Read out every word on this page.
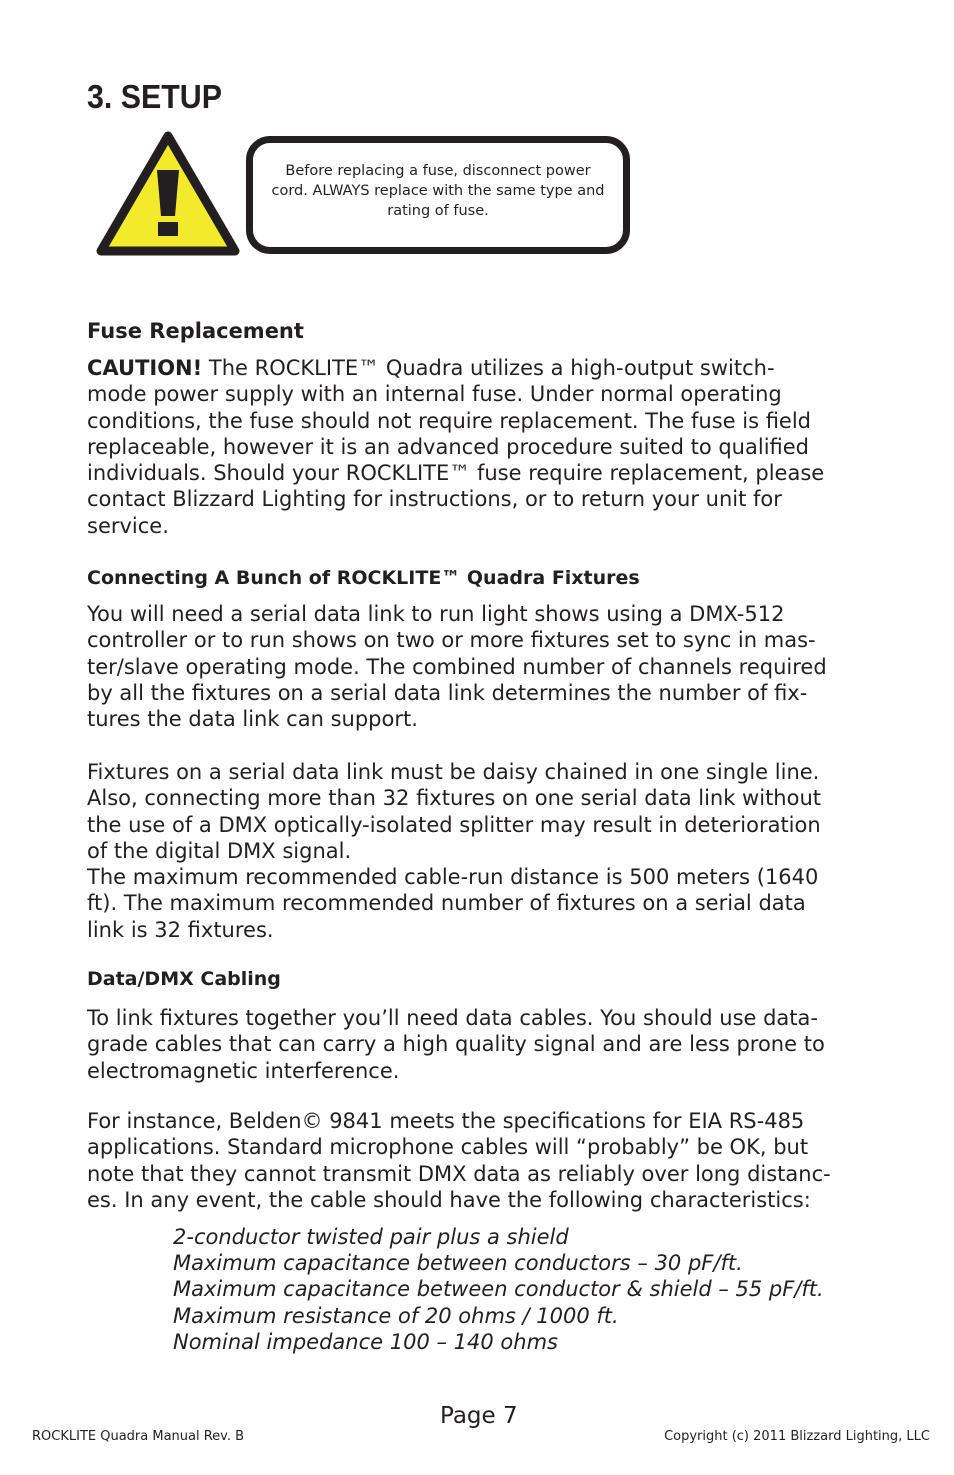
3. SETUP
Before replacing a fuse, disconnect power cord. ALWAYS replace with the same type and rating of fuse.
Fuse Replacement
CAUTION! The ROCKLITE™ Quadra utilizes a high-output switch-
mode power supply with an internal fuse. Under normal operating
conditions, the fuse should not require replacement. The fuse is field
replaceable, however it is an advanced procedure suited to qualified
individuals. Should your ROCKLITE™ fuse require replacement, please
contact Blizzard Lighting for instructions, or to return your unit for
service.
Connecting A Bunch of ROCKLITE™ Quadra Fixtures
You will need a serial data link to run light shows using a DMX-512
controller or to run shows on two or more fixtures set to sync in mas-
ter/slave operating mode. The combined number of channels required
by all the fixtures on a serial data link determines the number of fix-
tures the data link can support.
Fixtures on a serial data link must be daisy chained in one single line.
Also, connecting more than 32 fixtures on one serial data link without
the use of a DMX optically-isolated splitter may result in deterioration
of the digital DMX signal.
The maximum recommended cable-run distance is 500 meters (1640
ft). The maximum recommended number of fixtures on a serial data
link is 32 fixtures.
Data/DMX Cabling
To link fixtures together you’ll need data cables. You should use data-
grade cables that can carry a high quality signal and are less prone to
electromagnetic interference.
For instance, Belden© 9841 meets the specifications for EIA RS-485
applications. Standard microphone cables will “probably” be OK, but
note that they cannot transmit DMX data as reliably over long distanc-
es. In any event, the cable should have the following characteristics:
2-conductor twisted pair plus a shield
Maximum capacitance between conductors – 30 pF/ft.
Maximum capacitance between conductor & shield – 55 pF/ft.
Maximum resistance of 20 ohms / 1000 ft.
Nominal impedance 100 – 140 ohms
Page 7
ROCKLITE Quadra Manual Rev. B	Copyright (c) 2011 Blizzard Lighting, LLC
